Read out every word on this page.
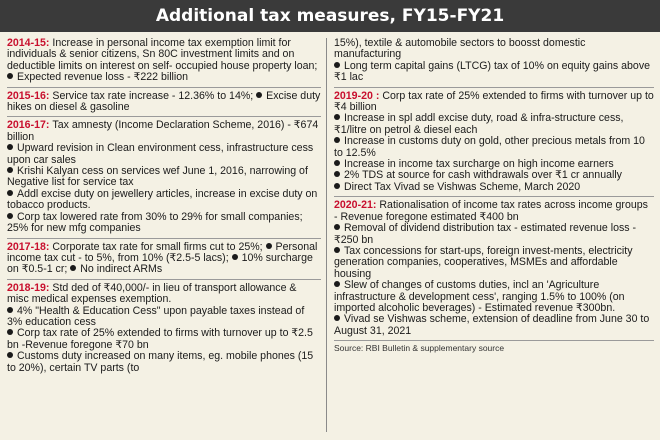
Additional tax measures, FY15-FY21

2014-15: Increase in personal income tax exemption limit for individuals & senior citizens, Sn 80C investment limits and on deductible limits on interest on self- occupied house property loan;

Expected revenue loss - ₹222 billion

2015-16: Service tax rate increase - 12.36% to 14%; Excise duty hikes on diesel & gasoline

2016-17: Tax amnesty (Income Declaration Scheme, 2016) - ₹674 billion

Upward revision in Clean environment cess, infrastructure cess upon car sales

Krishi Kalyan cess on services wef June 1, 2016, narrowing of Negative list for service tax

Addl excise duty on jewellery articles, increase in excise duty on tobacco products.

Corp tax lowered rate from 30% to 29% for small companies; 25% for new mfg companies

2017-18: Corporate tax rate for small firms cut to 25%; Personal income tax cut - to 5%, from 10% (₹2.5-5 lacs); 10% surcharge on ₹0.5-1 cr; No indirect ARMs

2018-19: Std ded of ₹40,000/- in lieu of transport allowance & misc medical expenses exemption.

4% "Health & Education Cess" upon payable taxes instead of 3% education cess

Corp tax rate of 25% extended to firms with turnover up to ₹2.5 bn -Revenue foregone ₹70 bn

Customs duty increased on many items, eg. mobile phones (15 to 20%), certain TV parts (to

15%), textile & automobile sectors to boosst domestic manufacturing

Long term capital gains (LTCG) tax of 10% on equity gains above ₹1 lac

2019-20 : Corp tax rate of 25% extended to firms with turnover up to ₹4 billion

Increase in spl addl excise duty, road & infra-structure cess, ₹1/litre on petrol & diesel each

Increase in customs duty on gold, other precious metals from 10 to 12.5%

Increase in income tax surcharge on high income earners

2% TDS at source for cash withdrawals over ₹1 cr annually

Direct Tax Vivad se Vishwas Scheme, March 2020

2020-21: Rationalisation of income tax rates across income groups - Revenue foregone estimated ₹400 bn

Removal of dividend distribution tax - estimated revenue loss - ₹250 bn

Tax concessions for start-ups, foreign invest-ments, electricity generation companies, cooperatives, MSMEs and affordable housing

Slew of changes of customs duties, incl an 'Agriculture infrastructure & development cess', ranging 1.5% to 100% (on imported alcoholic beverages) - Estimated revenue ₹300bn.

Vivad se Vishwas scheme, extension of deadline from June 30 to August 31, 2021

Source: RBI Bulletin & supplementary source
